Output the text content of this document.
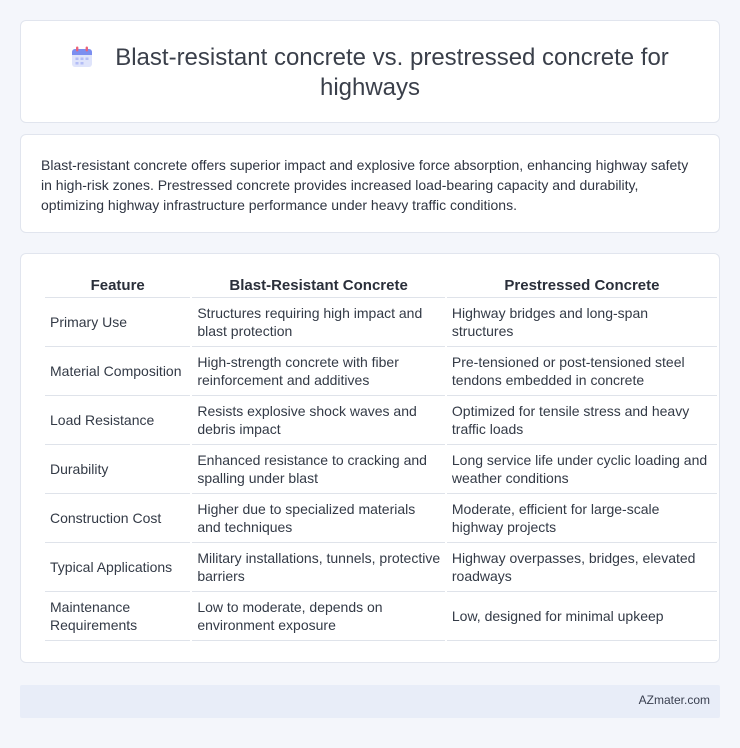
Blast-resistant concrete vs. prestressed concrete for highways

Blast-resistant concrete offers superior impact and explosive force absorption, enhancing highway safety in high-risk zones. Prestressed concrete provides increased load-bearing capacity and durability, optimizing highway infrastructure performance under heavy traffic conditions.

Feature	Blast-Resistant Concrete	Prestressed Concrete
Primary Use	Structures requiring high impact and blast protection	Highway bridges and long-span structures
Material Composition	High-strength concrete with fiber reinforcement and additives	Pre-tensioned or post-tensioned steel tendons embedded in concrete
Load Resistance	Resists explosive shock waves and debris impact	Optimized for tensile stress and heavy traffic loads
Durability	Enhanced resistance to cracking and spalling under blast	Long service life under cyclic loading and weather conditions
Construction Cost	Higher due to specialized materials and techniques	Moderate, efficient for large-scale highway projects
Typical Applications	Military installations, tunnels, protective barriers	Highway overpasses, bridges, elevated roadways
Maintenance Requirements	Low to moderate, depends on environment exposure	Low, designed for minimal upkeep
AZmater.com
